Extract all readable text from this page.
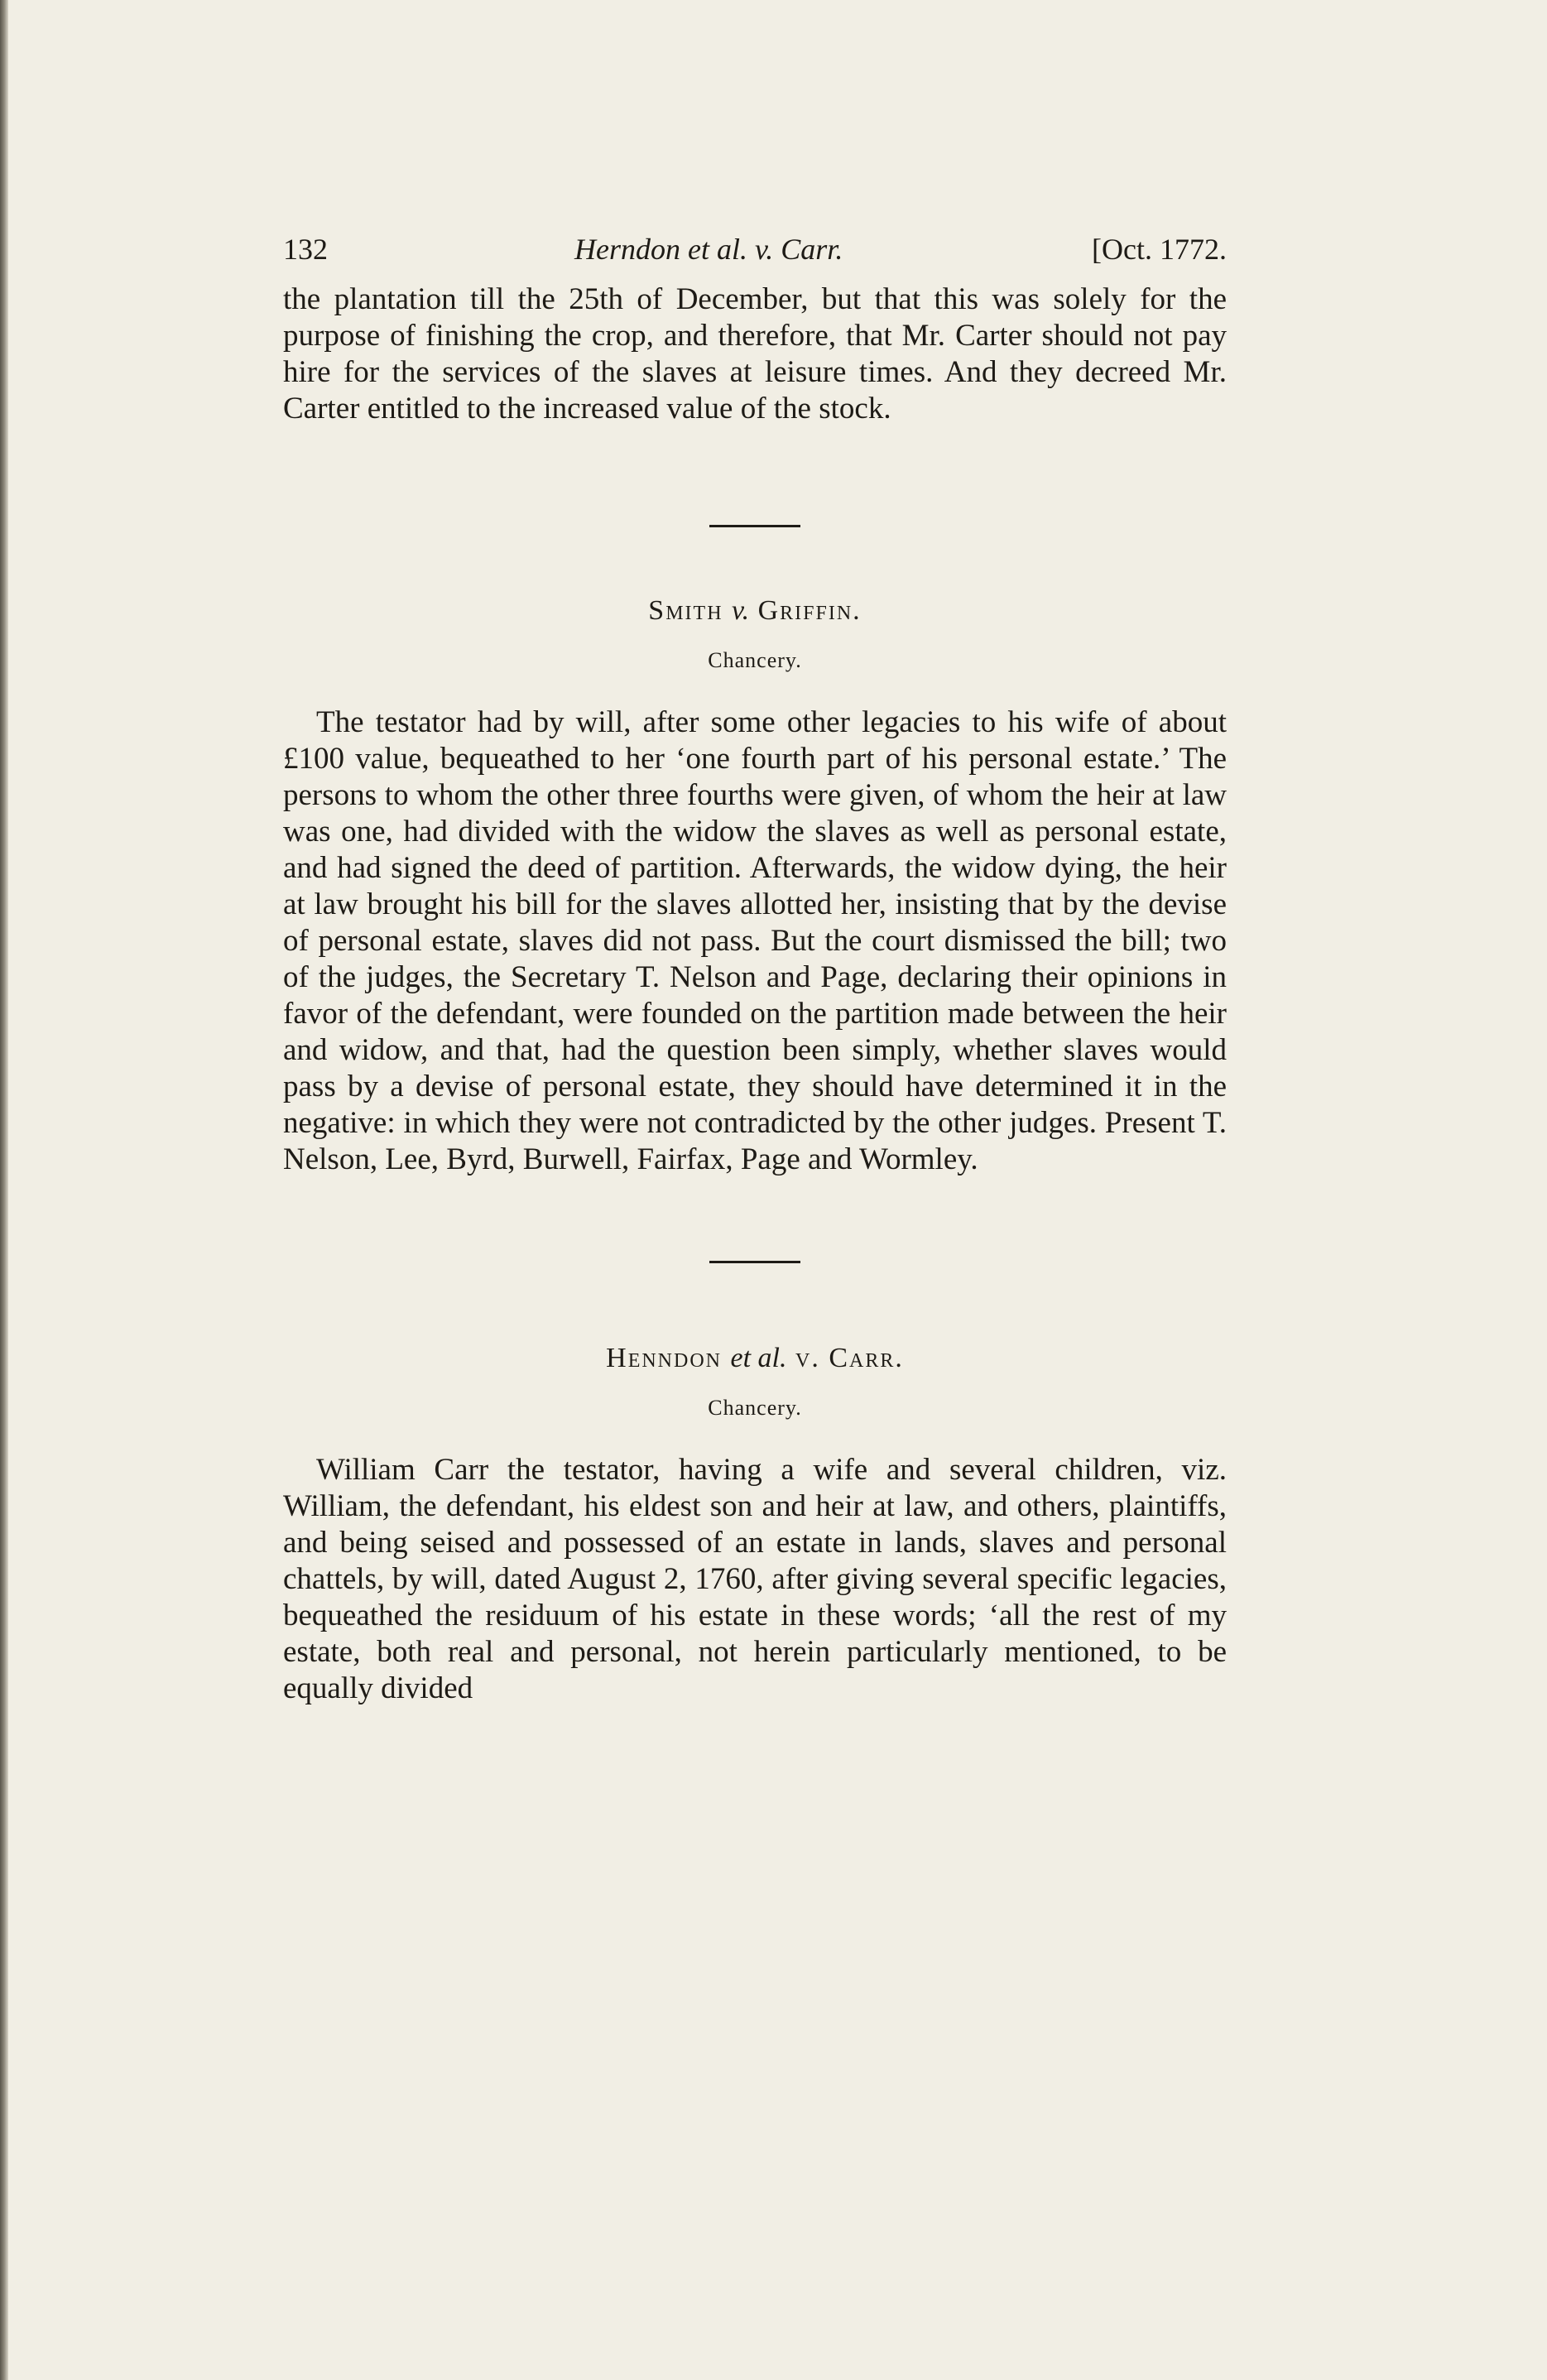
132	Herndon et al. v. Carr.	[Oct. 1772.

the plantation till the 25th of December, but that this was solely for the purpose of finishing the crop, and therefore, that Mr. Carter should not pay hire for the services of the slaves at leisure times. And they decreed Mr. Carter entitled to the increased value of the stock.

Smith v. Griffin.
Chancery.

The testator had by will, after some other legacies to his wife of about £100 value, bequeathed to her ‘one fourth part of his personal estate.’ The persons to whom the other three fourths were given, of whom the heir at law was one, had divided with the widow the slaves as well as personal estate, and had signed the deed of partition. Afterwards, the widow dying, the heir at law brought his bill for the slaves allotted her, insisting that by the devise of personal estate, slaves did not pass. But the court dismissed the bill; two of the judges, the Secretary T. Nelson and Page, declaring their opinions in favor of the defendant, were founded on the partition made between the heir and widow, and that, had the question been simply, whether slaves would pass by a devise of personal estate, they should have determined it in the negative: in which they were not contradicted by the other judges. Present T. Nelson, Lee, Byrd, Burwell, Fairfax, Page and Wormley.

Henndon et al. v. Carr.
Chancery.

William Carr the testator, having a wife and several children, viz. William, the defendant, his eldest son and heir at law, and others, plaintiffs, and being seised and possessed of an estate in lands, slaves and personal chattels, by will, dated August 2, 1760, after giving several specific legacies, bequeathed the residuum of his estate in these words; ‘all the rest of my estate, both real and personal, not herein particularly mentioned, to be equally divided
